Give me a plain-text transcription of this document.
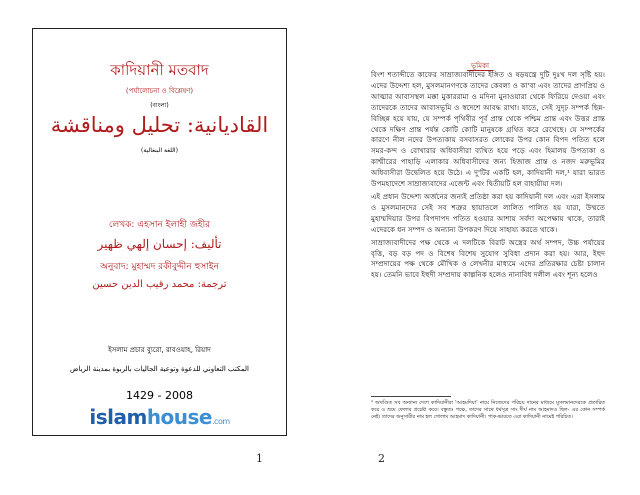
কাদিয়ানী মতবাদ
(পর্যালোচনা ও বিশ্লেষণ)
(বাংলা)
القاديانية: تحليل ومناقشة
(اللغة البنغالية)
লেখক: এহসান ইলাহী জহীর
تأليف: إحسان إلهي ظهير
অনুবাদ: মুহাম্মদ রকীবুদ্দীন হুসাইন
ترجمة: محمد رقيب الدين حسين
ইসলাম প্রচার ব্যুরো, রাবওয়াহ, রিয়াদ
المكتب التعاوني للدعوة وتوعية الجاليات بالربوة بمدينة الرياض
1429 - 2008
islamhouse.com
1
ভূমিকা

বিংশ শতাব্দীতে কাফের সাম্রাজ্যবাদীদের ইঙ্গিত ও ষড়যন্ত্রে দুটি দুঃখ দল সৃষ্টি হয়। এদের উদ্দেশ্য হল, মুসলমানগণকে তাদের কেবলা ও কা'বা এবং তাদের প্রাণপ্রিয় ও আত্মার আবাসস্থল মক্কা মুকাররামা ও মদিনা মুনাওয়ারা থেকে ফিরিয়ে দেওয়া এবং তাদেরকে তাদের আবাসভূমি ও স্বদেশে আবদ্ধ রাখা। যাতে, সেই সুদৃঢ় সম্পর্ক ছিন্ন-বিচ্ছিন্ন হয়ে যায়, যে সম্পর্ক পৃথিবীর পূর্ব প্রান্ত থেকে পশ্চিম প্রান্ত এবং উত্তর প্রান্ত থেকে দক্ষিণ প্রান্ত পর্যন্ত কোটি কোটি মানুষকে গ্রথিত করে রেখেছে। যে সম্পর্কের কারণে নীল নদের উপত্যকায় বসবাসরত লোকের উপর কোন বিপদ পতিত হলে সমর-কন্দ ও বোখারার অধিবাসীরা ব্যথিত হয়ে পড়ে এবং হিমালয় উপত্যকা ও কাশ্মীরের পাহাড়ি এলাকার অধিবাসীদের জন্য হিজাজ প্রান্ত ও নজদ মরুভূমির অধিবাসীরা উদ্বেলিত হয়ে উঠে। এ দু'টির একটি হল, কাদিয়ানী দল,¹ যারা ভারত উপমহাদেশে সাম্রাজ্যবাদের এজেন্ট এবং দ্বিতীয়টি হল বাহায়ীয়া দল।

এই প্রধান উদ্দেশ্য অর্জনের জন্যই প্রতিষ্ঠা করা হয় কাদিয়ানী দল এবং এরা ইসলাম ও মুসলমানদের সেই সব শত্রুর ছায়াতলে লালিত পালিত হয় যারা, উম্মতে মুহাম্মদিয়ার উপর বিপদাপদ পতিত হওয়ার আশায় সর্বদা অপেক্ষায় থাকে, তারাই এদেরকে ধন সম্পদ ও অন্যান্য উপকরণ দিয়ে সাহায্য করতে থাকে।

সাম্রাজ্যবাদীদের পক্ষ থেকে এ দলটিকে বিরাট অস্ত্রের অর্থ সম্পদ, উচ্চ পর্যায়ের বৃত্তি, বড় বড় পদ ও বিশেষ বিশেষ সুযোগ সুবিধা প্রদান করা হয়। আর, ইহুদ সম্প্রদায়ের পক্ষ থেকে মৌখিক ও লেখনীর মাধ্যমে এদের প্রতিরক্ষার চেষ্টা চালান হয়। তেমনি ভাবে ইহুদী সম্প্রদায় কাল্পনিক হলেও নানাবিধ দলীল এবং শূন্য হলেও

¹ অখণ্ডিত সব অন্যান্য দেশে কাদিয়ানীরা 'আহমদিয়া' নামে নিজেদের পরিচয় দানের মাধ্যমে মুসলমানদেরকে প্রতারিত করে ও ভ্রমে ফেলার প্রচেষ্টা করে। বস্তুতঃ পক্ষে, তাদের সাথে ধর্মসূত্র সাং দীর্ঘ নাম আহমাদও ছিল- এর কোন সম্পর্ক নেই। তাদের অনুসারীর নাম হল গোলাম আহমাদ কাদিয়ানী। পাক-ভারতে এরা কাদিয়ানী নামেই পরিচিত।
2
